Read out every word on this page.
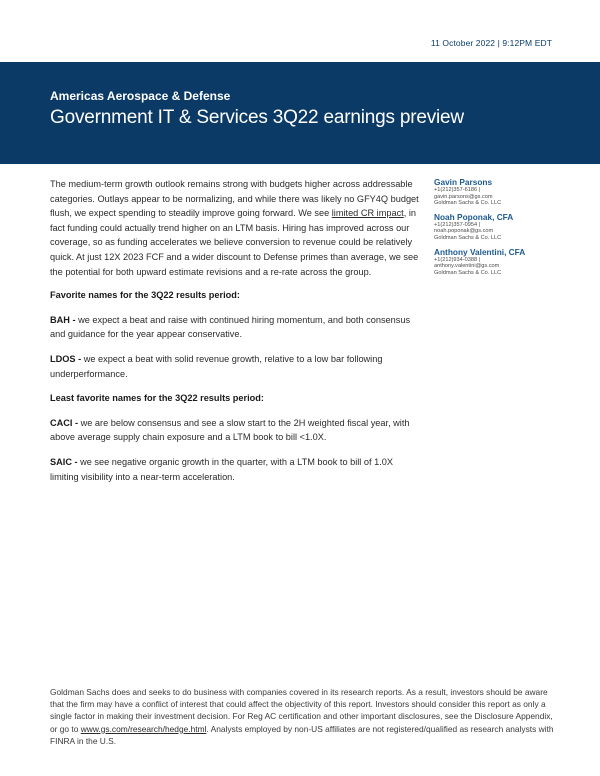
11 October 2022 | 9:12PM EDT
Americas Aerospace & Defense
Government IT & Services 3Q22 earnings preview

The medium-term growth outlook remains strong with budgets higher across addressable categories. Outlays appear to be normalizing, and while there was likely no GFY4Q budget flush, we expect spending to steadily improve going forward. We see limited CR impact, in fact funding could actually trend higher on an LTM basis. Hiring has improved across our coverage, so as funding accelerates we believe conversion to revenue could be relatively quick. At just 12X 2023 FCF and a wider discount to Defense primes than average, we see the potential for both upward estimate revisions and a re-rate across the group.

Favorite names for the 3Q22 results period:

BAH - we expect a beat and raise with continued hiring momentum, and both consensus and guidance for the year appear conservative.

LDOS - we expect a beat with solid revenue growth, relative to a low bar following underperformance.

Least favorite names for the 3Q22 results period:

CACI - we are below consensus and see a slow start to the 2H weighted fiscal year, with above average supply chain exposure and a LTM book to bill <1.0X.

SAIC - we see negative organic growth in the quarter, with a LTM book to bill of 1.0X limiting visibility into a near-term acceleration.

Gavin Parsons
+1(212)357-6186 |
gavin.parsons@gs.com
Goldman Sachs & Co. LLC
Noah Poponak, CFA
+1(212)357-0954 |
noah.poponak@gs.com
Goldman Sachs & Co. LLC
Anthony Valentini, CFA
+1(212)934-0388 |
anthony.valentini@gs.com
Goldman Sachs & Co. LLC
Goldman Sachs does and seeks to do business with companies covered in its research reports. As a result, investors should be aware that the firm may have a conflict of interest that could affect the objectivity of this report. Investors should consider this report as only a single factor in making their investment decision. For Reg AC certification and other important disclosures, see the Disclosure Appendix, or go to www.gs.com/research/hedge.html. Analysts employed by non-US affiliates are not registered/qualified as research analysts with FINRA in the U.S.
